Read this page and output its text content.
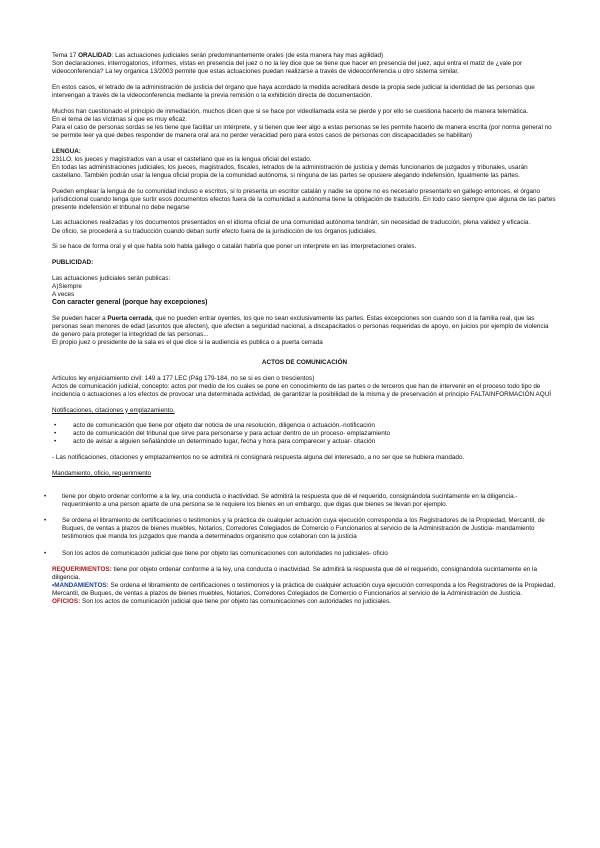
Tema 17 ORALIDAD: Las actuaciones judiciales serán predominantemente orales (de esta manera hay mas agilidad)

Son declaraciones, interrogatorios, informes, vistas en presencia del juez o no la ley dice que se tiene que hacer en presencia del juez, aqui entra el matiz de ¿vale por videoconferencia? La ley organica 13/2003 permite que estas actuaciones puedan realizarse a través de videoconferencia u otro sistema similar.

En estos casos, el letrado de la administración de justicia del órgano que haya acordado la medida acreditará desde la propia sede judicial la identidad de las personas que intervengan a través de la videoconferencia mediante la previa remisión o la exhibición directa de documentación.

Muchos han cuestionado el principio de inmediación, muchos dicen que si se hace por videollamada esta se pierde y por ello se cuestiona hacerlo de manera telemática.

En el tema de las víctimas si que es muy eficaz.

Para el caso de personas sordas se les tiene que facilitar un intérprete, y si tienen que leer algo a estas personas se les permite hacerlo de manera escrita (por norma general no se permite leer ya que debes responder de manera oral ara no perder veracidad pero para estos casos de personas con discapacidades se habilitan)

LENGUA:

231LO, los jueces y magistrados van a usar el castellano que es la lengua oficial del estado.

En todas las administraciones judiciales, los jueces, magistrados, fiscales, letrados de la administración de justicia y demás funcionarios de juzgados y tribunales, usarán castellano. También podrán usar la lengua oficial propia de la comunidad autónoma, si ninguna de las partes se opusiere alegando indefensión, Igualmente las partes.

Pueden emplear la lengua de su comunidad incluso e escritos, si lo presenta un escritor catalán y nadie se opone no es necesario presentarlo en gallego entonces, el órgano jurisdiccional cuando tenga que surtir esos documentos efectos fuera de la comunidad a autónoma tiene la obligación de traducirlo. En todo caso siempre que alguna de las partes presente indefensión el tribunal no debe negarse

Las actuaciones realizadas y los documentos presentados en el idioma oficial de una comunidad autónoma tendrán, sin necesidad de traducción, plena validez y eficacia.

De oficio, se procederá a su traducción cuando deban surtir efecto fuera de la jurisdicción de los órganos judiciales.

Si se hace de forma oral y el que habla solo habla gallego o catalán habría que poner un interprete en las interpretaciones orales.

PUBLICIDAD:

Las actuaciones judiciales serán publicas:

A)Siempre

A veces

Con caracter general (porque hay excepciones)

Se pueden hacer a Puerta cerrada, que no pueden entrar oyentes, los que no sean exclusivamente las partes. Estas excepciones son cuando son d la familia real, que las personas sean menores de edad (asuntos que afecten), que afecten a seguridad nacional, a discapacitados o personas requeridas de apoyo, en juicios por ejemplo de violencia de genero para proteger la integridad de las personas...

El propio juez o presidente de la sala es el que dice si la audiencia es publica o a puerta cerrada

ACTOS DE COMUNICACIÓN

Artículos ley enjuiciamiento civil: 149 a 177 LEC (Pág 179-184, no se si es cien o trescientos)

Actos de comunicación judicial, concepto: actos por medio de los cuales se pone en conocimiento de las partes o de terceros que han de intervenir en el proceso todo tipo de incidencia o actuaciones a los efectos de provocar una determinada actividad, de garantizar la posibilidad de la misma y de preservación el principio FALTAINFORMACIÓN AQUÍ

Notificaciones, citaciones y emplazamiento.

• acto de comunicación que tiene por objeto dar noticia de una resolución, diligencia o actuación.-notificación
• acto de comunicación del tribunal que sirve para personarse y para actuar dentro de un proceso- emplazamiento
• acto de avisar a alguien señalándole un determinado lugar, fecha y hora para comparecer y actuar- citación

- Las notificaciones, citaciones y emplazamientos no se admitirá ni consignará respuesta alguna del interesado, a no ser que se hubiera mandado.

Mandamiento, oficio, requerimiento

• tiene por objeto ordenar conforme a la ley, una conducta o inactividad. Se admitirá la respuesta que dé el requerido, consignándola sucintamente en la diligencia.- requerimiento a una person aparte de una persona se le requiere los bienes en un embargo, que digas que bienes se llevan por ejemplo.
• Se ordena el libramiento de certificaciones o testimonios y la práctica de cualquier actuación cuya ejecución corresponda a los Registradores de la Propiedad, Mercantil, de Buques, de ventas a plazos de bienes muebles, Notarios, Corredores Colegiados de Comercio o Funcionarios al servicio de la Administración de Justicia- mandamiento testimonios que manda los juzgados que manda a determinados organismo que colaboran con la justicia
• Son los actos de comunicación judicial que tiene por objeto las comunicaciones con autoridades no judiciales- oficio

REQUERIMIENTOS: tiene por objeto ordenar conforme a la ley, una conducta o inactividad. Se admitirá la respuesta que dé el requerido, consignándola sucintamente en la diligencia.

•MANDAMIENTOS: Se ordena el libramiento de certificaciones o testimonios y la práctica de cualquier actuación cuya ejecución corresponda a los Registradores de la Propiedad, Mercantil, de Buques, de ventas a plazos de bienes muebles, Notarios, Corredores Colegiados de Comercio o Funcionarios al servicio de la Administración de Justicia.

OFICIOS: Son los actos de comunicación judicial que tiene por objeto las comunicaciones con autoridades no judiciales.
